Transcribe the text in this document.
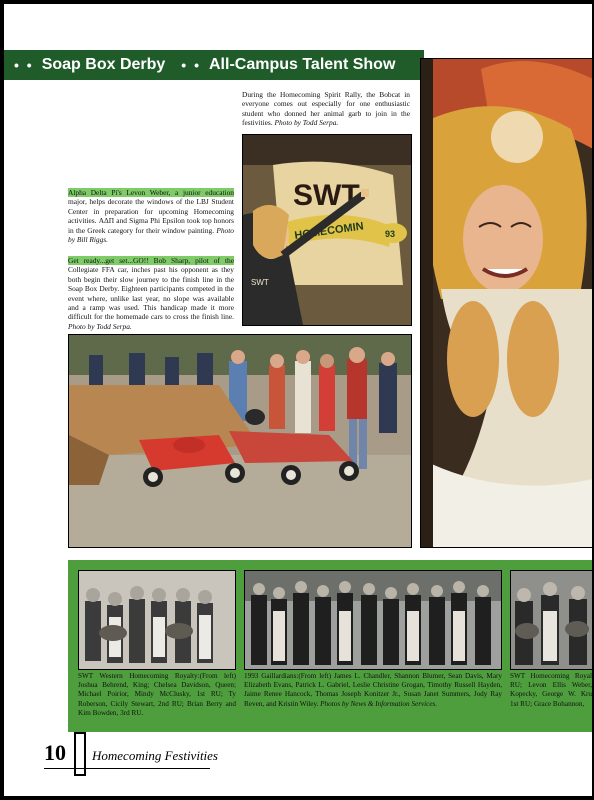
• • Soap Box Derby • • All-Campus Talent Show
During the Homecoming Spirit Rally, the Bobcat in everyone comes out especially for one enthusiastic student who donned her animal garb to join in the festivities. Photo by Todd Serpa.
SWT
HOMECOMIN 93
SWT
Alpha Delta Pi's Levon Weber, a junior education major, helps decorate the windows of the LBJ Student Center in preparation for upcoming Homecoming activities. ΑΔΠ and Sigma Phi Epsilon took top honors in the Greek category for their window painting. Photo by Bill Riggs.
Get ready...get set...GO!! Bob Sharp, pilot of the Collegiate FFA car, inches past his opponent as they both begin their slow journey to the finish line in the Soap Box Derby. Eighteen participants competed in the event where, unlike last year, no slope was available and a ramp was used. This handicap made it more difficult for the homemade cars to cross the finish line. Photo by Todd Serpa.
SWT Western Homecoming Royalty:(From left) Joshua Behrend, King; Chelsea Davidson, Queen; Michael Poirior, Mindy McClusky, 1st RU; Ty Roberson, Cicily Stewart, 2nd RU; Brian Berry and Kim Bowden, 3rd RU.
1993 Gaillardians:(From left) James L. Chandler, Shannon Blumer, Sean Davis, Mary Elizabeth Evans, Patrick L. Gabriel, Leslie Christine Grogan, Timothy Russell Hayden, Jaime Renee Hancock, Thomas Joseph Konitzer Jr., Susan Janet Summers, Jody Ray Reven, and Kristin Wiley. Photos by News & Information Services.
SWT Homecoming Royal RU; Levon Ellis Weber, Kopecky, George W. Kru 1st RU; Grace Bohannon,
10 Homecoming Festivities
